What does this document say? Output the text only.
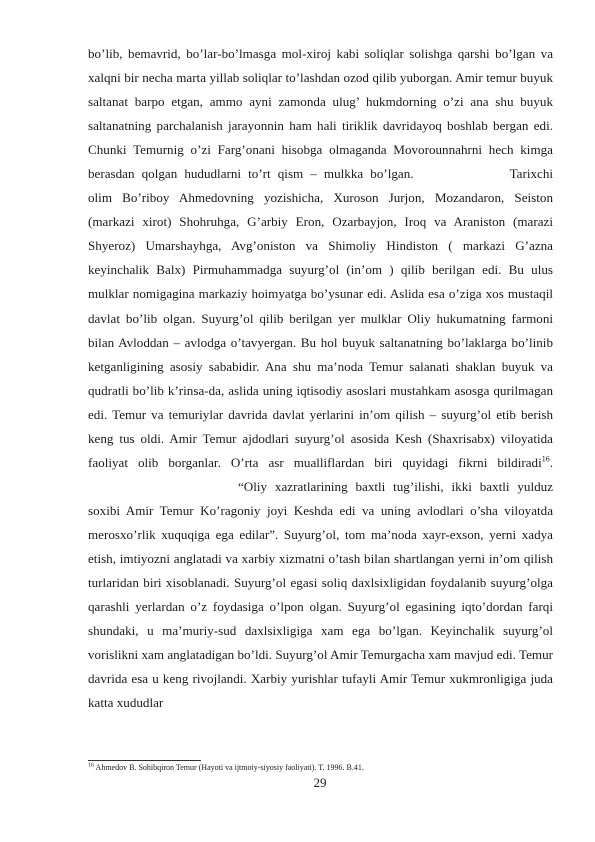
bo’lib, bemavrid, bo’lar-bo’lmasga mol-xiroj kabi soliqlar solishga qarshi bo’lgan va xalqni bir necha marta yillab soliqlar to’lashdan ozod qilib yuborgan. Amir temur buyuk saltanat barpo etgan, ammo ayni zamonda ulug’ hukmdorning o’zi ana shu buyuk saltanatning parchalanish jarayonnin ham hali tiriklik davridayoq boshlab bergan edi. Chunki Temurnig o’zi Farg’onani hisobga olmaganda Movorounnahrni hech kimga berasdan qolgan hududlarni to’rt qism – mulkka bo’lgan.	Tarixchi olim Bo’riboy Ahmedovning yozishicha, Xuroson Jurjon, Mozandaron, Seiston (markazi xirot) Shohruhga, G’arbiy Eron, Ozarbayjon, Iroq va Araniston (marazi Shyeroz) Umarshayhga, Avg’oniston va Shimoliy Hindiston ( markazi G’azna keyinchalik Balx) Pirmuhammadga suyurg’ol (in’om ) qilib berilgan edi. Bu ulus mulklar nomigagina markaziy hoimyatga bo’ysunar edi. Aslida esa o’ziga xos mustaqil davlat bo’lib olgan. Suyurg’ol qilib berilgan yer mulklar Oliy hukumatning farmoni bilan Avloddan – avlodga o’tavyergan. Bu hol buyuk saltanatning bo’laklarga bo’linib ketganligining asosiy sababidir. Ana shu ma’noda Temur salanati shaklan buyuk va qudratli bo’lib k’rinsa-da, aslida uning iqtisodiy asoslari mustahkam asosga qurilmagan edi. Temur va temuriylar davrida davlat yerlarini in’om qilish – suyurg’ol etib berish keng tus oldi. Amir Temur ajdodlari suyurg’ol asosida Kesh (Shaxrisabx) viloyatida faoliyat olib borganlar. O’rta asr mualliflardan biri quyidagi fikrni bildiradi$^{16}$.“Oliy xazratlarining baxtli tug’ilishi, ikki baxtli yulduz soxibi Amir Temur Ko’ragoniy joyi Keshda edi va uning avlodlari o’sha viloyatda merosxo’rlik xuquqiga ega edilar”. Suyurg’ol, tom ma’noda xayr-exson, yerni xadya etish, imtiyozni anglatadi va xarbiy xizmatni o’tash bilan shartlangan yerni in’om qilish turlaridan biri xisoblanadi. Suyurg’ol egasi soliq daxlsixligidan foydalanib suyurg’olga qarashli yerlardan o’z foydasiga o’lpon olgan. Suyurg’ol egasining iqto’dordan farqi shundaki, u ma’muriy-sud daxlsixligiga xam ega bo’lgan. Keyinchalik suyurg’ol vorislikni xam anglatadigan bo’ldi. Suyurg’ol Amir Temurgacha xam mavjud edi. Temur davrida esa u keng rivojlandi. Xarbiy yurishlar tufayli Amir Temur xukmronligiga juda katta xududlar

$^{16}$ Ahmedov B. Sohibqiron Temur (Hayoti va ijtmoiy-siyosiy faoliyati). T. 1996. B.41.

29
